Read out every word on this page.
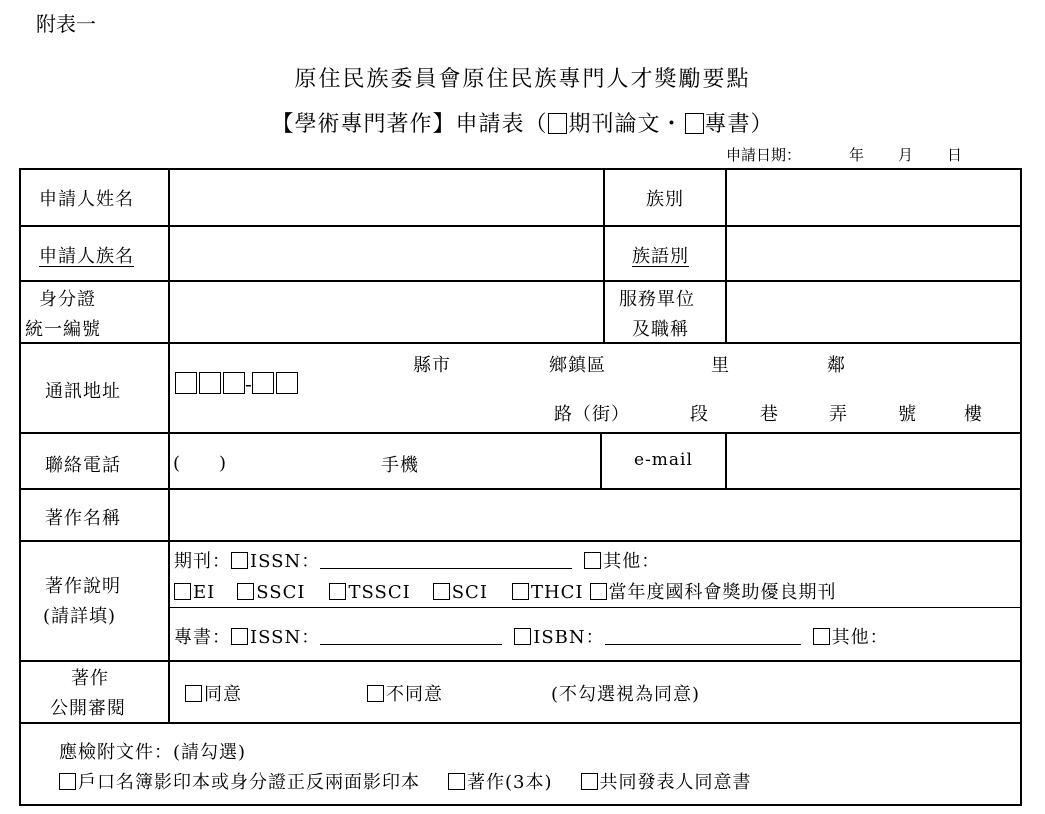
附表一
原住民族委員會原住民族專門人才獎勵要點
【學術專門著作】申請表（ 期刊論文・ 專書）
申請日期：	年 月 日
申請人姓名	族別
申請人族名	族語別
身分證
統一編號
服務單位
及職稱
通訊地址	-
縣市	鄉鎮區	里	鄰
路（街）	段	巷	弄	號	樓
聯絡電話	(　　)	手機	e-mail
著作名稱
著作說明
(請詳填)
期刊： ISSN：	其他：
EI SSCI TSSCI SCI THCI 當年度國科會獎助優良期刊
專書： ISSN：	ISBN：	其他：
著作
公開審閱
同意	不同意	(不勾選視為同意)
應檢附文件：(請勾選)
戶口名簿影印本或身分證正反兩面影印本	著作(3本)	共同發表人同意書
